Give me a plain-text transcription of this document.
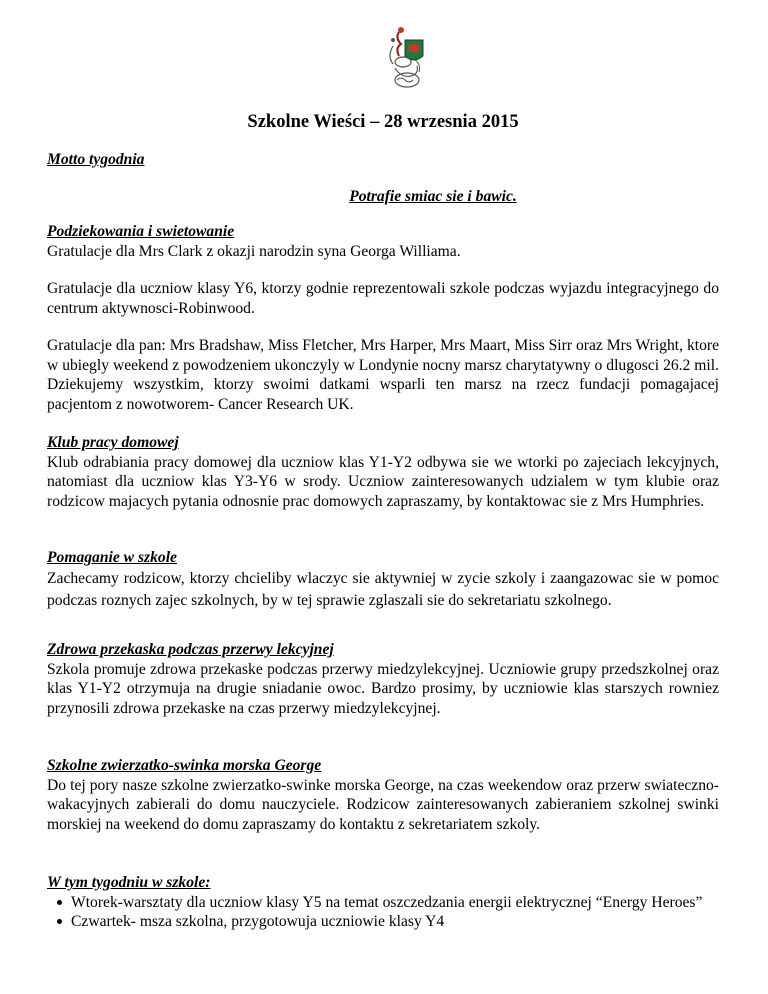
Szkolne Wieści – 28 wrzesnia 2015
Motto tygodnia
Potrafie smiac sie i bawic.
Podziekowania i swietowanie
Gratulacje dla Mrs Clark z okazji narodzin syna Georga Williama.
Gratulacje dla uczniow klasy Y6, ktorzy godnie reprezentowali szkole podczas wyjazdu integracyjnego do centrum aktywnosci-Robinwood.
Gratulacje dla pan: Mrs Bradshaw, Miss Fletcher, Mrs Harper, Mrs Maart, Miss Sirr oraz Mrs Wright, ktore w ubiegly weekend z powodzeniem ukonczyly w Londynie nocny marsz charytatywny o dlugosci 26.2 mil. Dziekujemy wszystkim, ktorzy swoimi datkami wsparli ten marsz na rzecz fundacji pomagajacej pacjentom z nowotworem- Cancer Research UK.
Klub pracy domowej
Klub odrabiania pracy domowej dla uczniow klas Y1-Y2 odbywa sie we wtorki po zajeciach lekcyjnych, natomiast dla uczniow klas Y3-Y6 w srody. Uczniow zainteresowanych udzialem w tym klubie oraz rodzicow majacych pytania odnosnie prac domowych zapraszamy, by kontaktowac sie z Mrs Humphries.
Pomaganie w szkole
Zachecamy rodzicow, ktorzy chcieliby wlaczyc sie aktywniej w zycie szkoly i zaangazowac sie w pomoc podczas roznych zajec szkolnych, by w tej sprawie zglaszali sie do sekretariatu szkolnego.
Zdrowa przekaska podczas przerwy lekcyjnej
Szkola promuje zdrowa przekaske podczas przerwy miedzylekcyjnej. Uczniowie grupy przedszkolnej oraz klas Y1-Y2 otrzymuja na drugie sniadanie owoc. Bardzo prosimy, by uczniowie klas starszych rowniez przynosili zdrowa przekaske na czas przerwy miedzylekcyjnej.
Szkolne zwierzatko-swinka morska George
Do tej pory nasze szkolne zwierzatko-swinke morska George, na czas weekendow oraz przerw swiateczno-wakacyjnych zabierali do domu nauczyciele. Rodzicow zainteresowanych zabieraniem szkolnej swinki morskiej na weekend do domu zapraszamy do kontaktu z sekretariatem szkoly.
W tym tygodniu w szkole:
Wtorek-warsztaty dla uczniow klasy Y5 na temat oszczedzania energii elektrycznej “Energy Heroes”
Czwartek- msza szkolna, przygotowuja uczniowie klasy Y4
